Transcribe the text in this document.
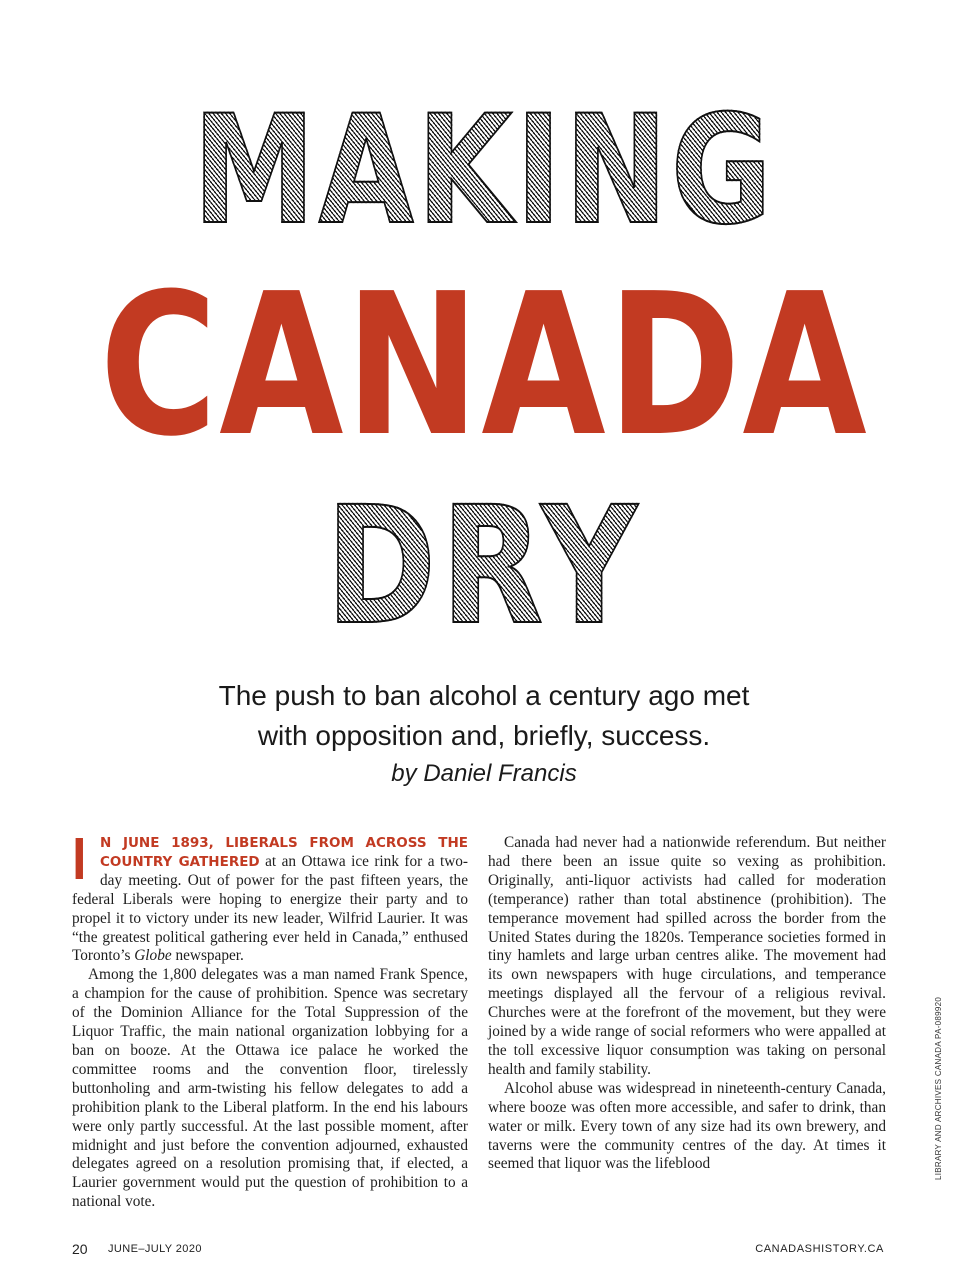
MAKING
CANADA
DRY
The push to ban alcohol a century ago met
with opposition and, briefly, success.
by Daniel Francis

I N JUNE 1893, LIBERALS FROM ACROSS THE COUNTRY GATHERED at an Ottawa ice rink for a two-day meeting. Out of power for the past fifteen years, the federal Liberals were hoping to energize their party and to propel it to victory under its new leader, Wilfrid Laurier. It was “the greatest political gathering ever held in Canada,” enthused Toronto’s Globe newspaper.

Among the 1,800 delegates was a man named Frank Spence, a champion for the cause of prohibition. Spence was secretary of the Dominion Alliance for the Total Suppression of the Liquor Traffic, the main national organization lobbying for a ban on booze. At the Ottawa ice palace he worked the committee rooms and the convention floor, tirelessly buttonholing and arm-twisting his fellow delegates to add a prohibition plank to the Liberal platform. In the end his labours were only partly successful. At the last possible moment, after midnight and just before the convention adjourned, exhausted delegates agreed on a resolution promising that, if elected, a Laurier government would put the question of prohibition to a national vote.

Canada had never had a nationwide referendum. But neither had there been an issue quite so vexing as prohibition. Originally, anti-liquor activists had called for moderation (temperance) rather than total abstinence (prohibition). The temperance movement had spilled across the border from the United States during the 1820s. Temperance societies formed in tiny hamlets and large urban centres alike. The movement had its own newspapers with huge circulations, and temperance meetings displayed all the fervour of a religious revival. Churches were at the forefront of the movement, but they were joined by a wide range of social reformers who were appalled at the toll excessive liquor consumption was taking on personal health and family stability.

Alcohol abuse was widespread in nineteenth-century Canada, where booze was often more accessible, and safer to drink, than water or milk. Every town of any size had its own brewery, and taverns were the community centres of the day. At times it seemed that liquor was the lifeblood	LIBRARY AND ARCHIVES CANADA PA-089920
20 JUNE–JULY 2020	CANADASHISTORY.CA
